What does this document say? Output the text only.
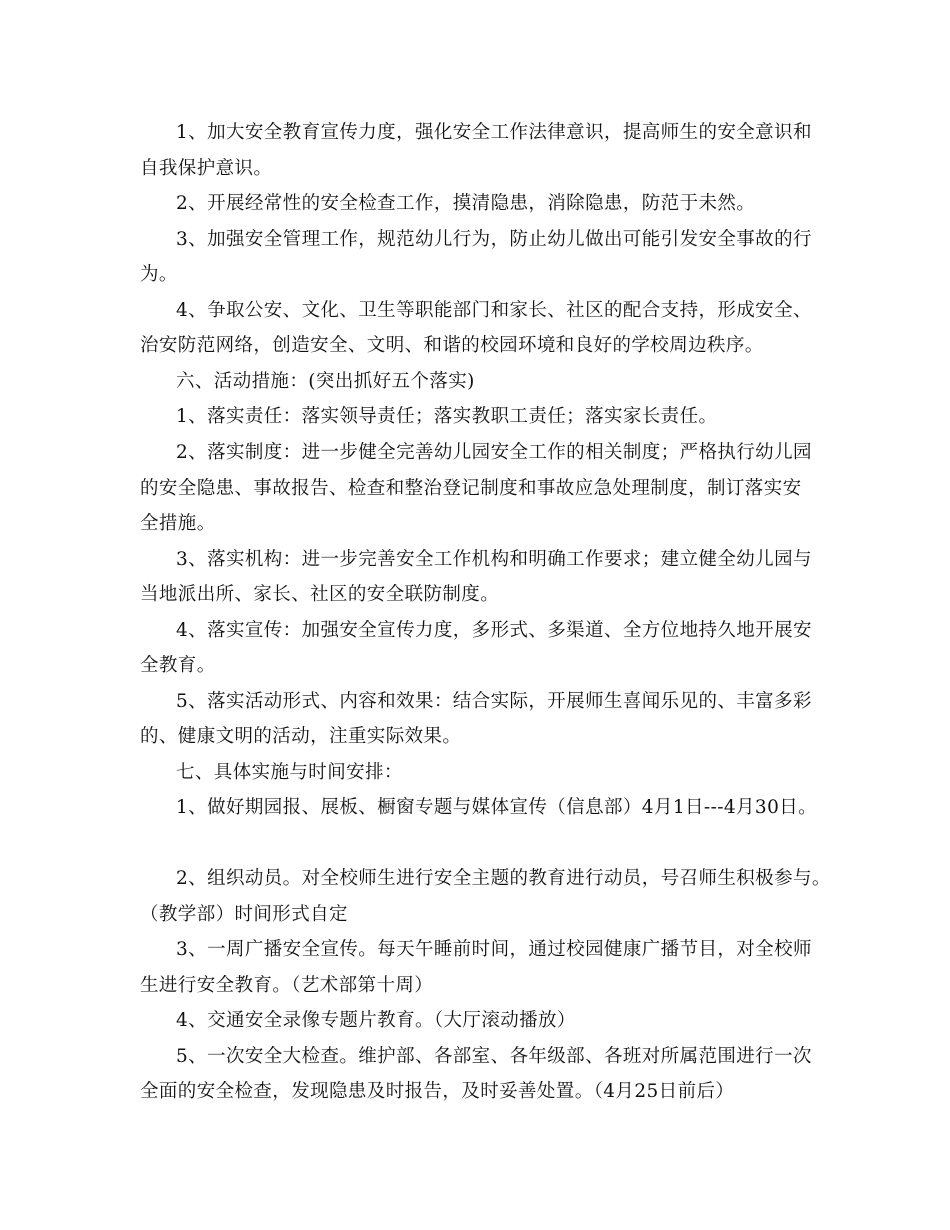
1、加大安全教育宣传力度，强化安全工作法律意识，提高师生的安全意识和
自我保护意识。
2、开展经常性的安全检查工作，摸清隐患，消除隐患，防范于未然。
3、加强安全管理工作，规范幼儿行为，防止幼儿做出可能引发安全事故的行
为。
4、争取公安、文化、卫生等职能部门和家长、社区的配合支持，形成安全、
治安防范网络，创造安全、文明、和谐的校园环境和良好的学校周边秩序。
六、活动措施：(突出抓好五个落实)
1、落实责任：落实领导责任；落实教职工责任；落实家长责任。
2、落实制度：进一步健全完善幼儿园安全工作的相关制度；严格执行幼儿园
的安全隐患、事故报告、检查和整治登记制度和事故应急处理制度，制订落实安
全措施。
3、落实机构：进一步完善安全工作机构和明确工作要求；建立健全幼儿园与
当地派出所、家长、社区的安全联防制度。
4、落实宣传：加强安全宣传力度，多形式、多渠道、全方位地持久地开展安
全教育。
5、落实活动形式、内容和效果：结合实际，开展师生喜闻乐见的、丰富多彩
的、健康文明的活动，注重实际效果。
七、具体实施与时间安排：
1、做好期园报、展板、橱窗专题与媒体宣传（信息部）4月1日---4月30日。
2、组织动员。对全校师生进行安全主题的教育进行动员，号召师生积极参与。
（教学部）时间形式自定
3、一周广播安全宣传。每天午睡前时间，通过校园健康广播节目，对全校师
生进行安全教育。（艺术部第十周）
4、交通安全录像专题片教育。（大厅滚动播放）
5、一次安全大检查。维护部、各部室、各年级部、各班对所属范围进行一次
全面的安全检查，发现隐患及时报告，及时妥善处置。（4月25日前后）
